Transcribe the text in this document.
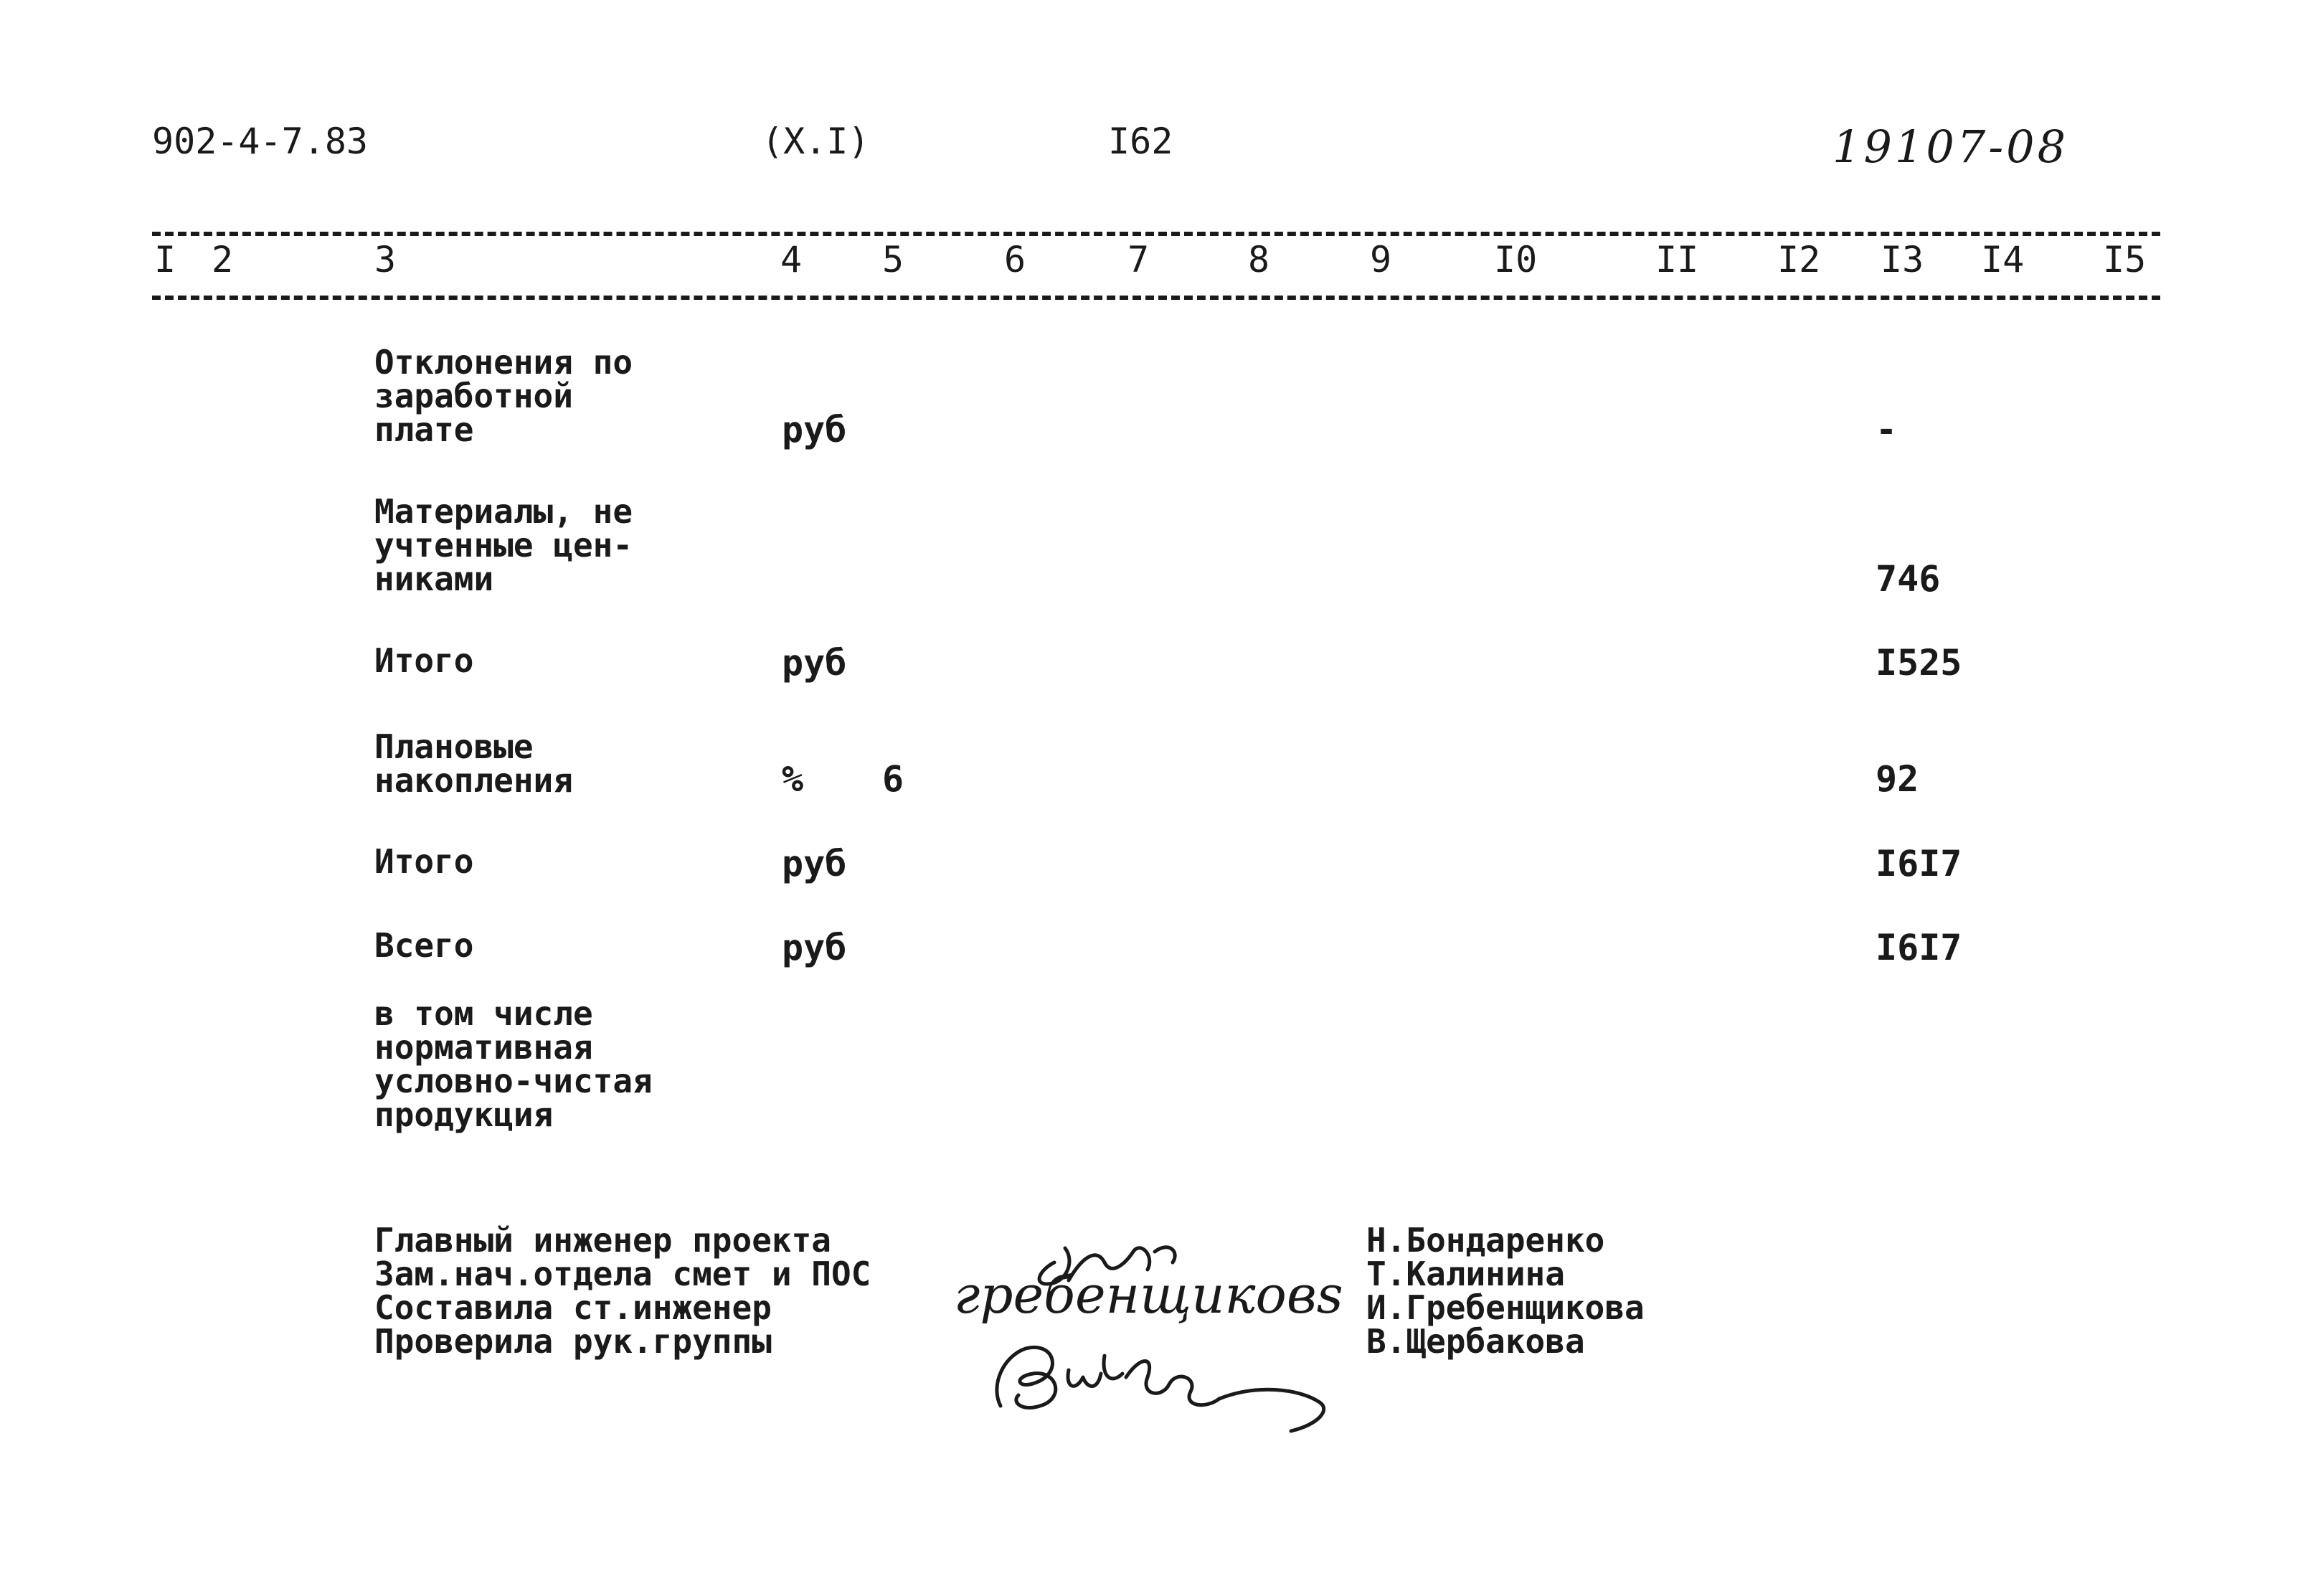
902-4-7.83	(X.I)	I62	19107-08
I 2	3	4 5	6	7	8	9	I0	II I2 I3 I4 I5
Отклонения по
заработной
плате	руб	-
Материалы, не
учтенные цен-
никами	746
Итого	руб	I525
Плановые
накопления	% 6	92
Итого	руб	I6I7
Всего	руб	I6I7
в том числе
нормативная
условно-чистая
продукция
Главный инженер проекта
Зам.нач.отдела смет и ПОС
Составила ст.инженер
Проверила рук.группы
Н.Бондаренко
Т.Калинина
И.Гребенщикова
В.Щербакова
гребенщиковs
